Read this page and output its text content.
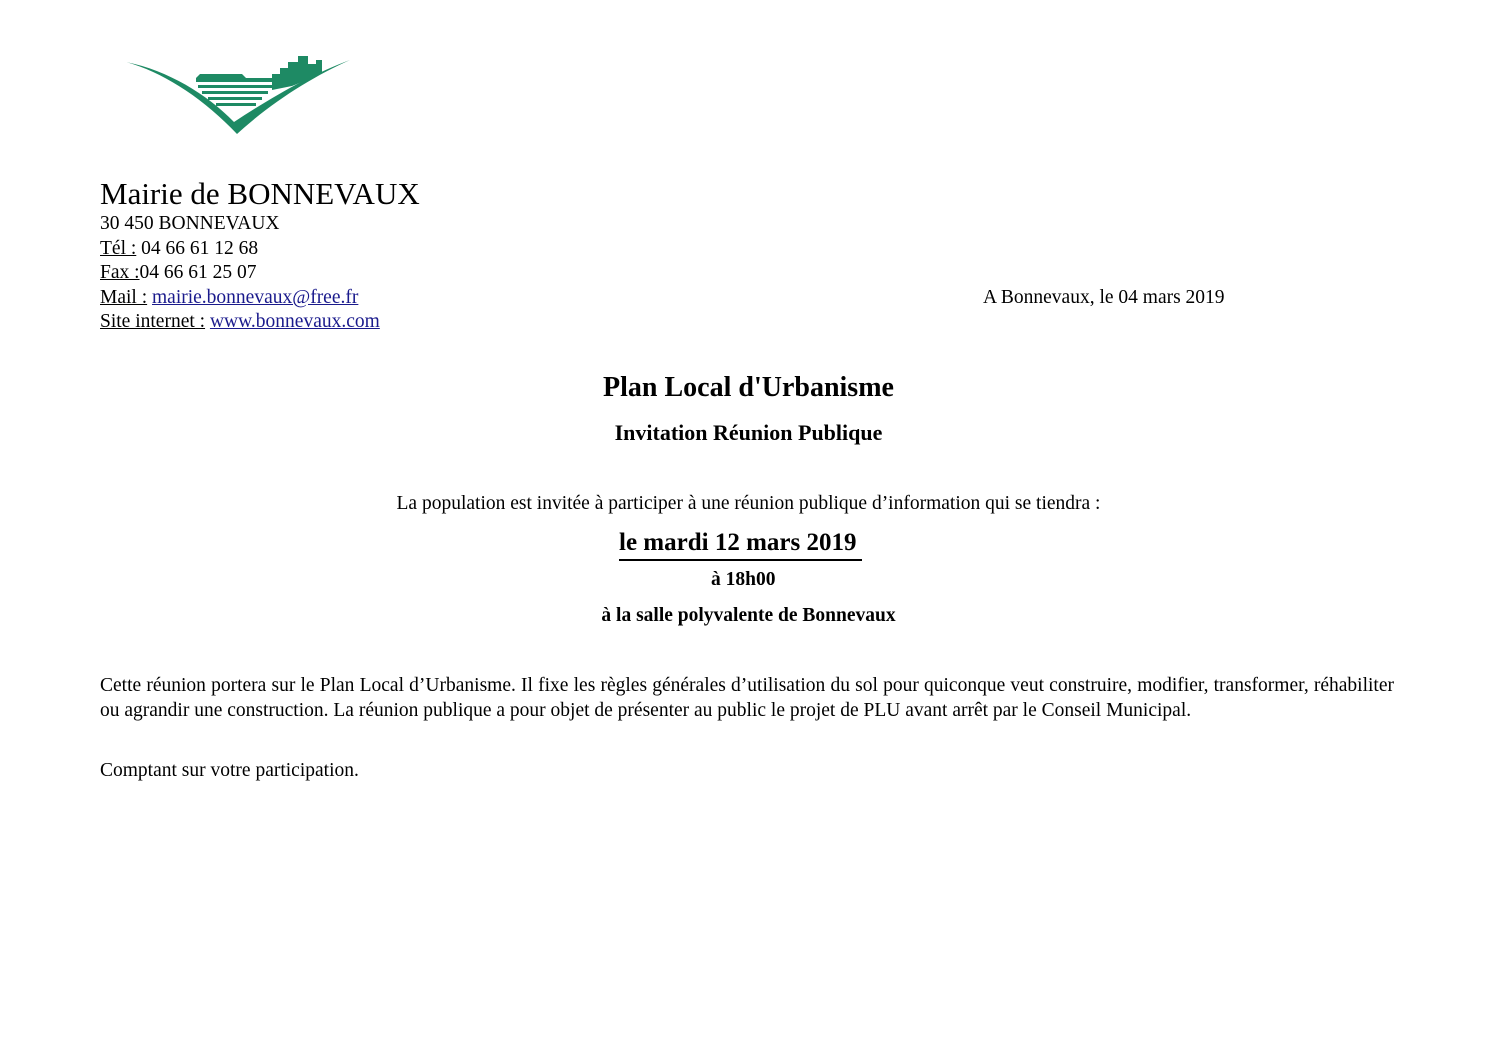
Mairie de BONNEVAUX
30 450 BONNEVAUX
Tél : 04 66 61 12 68
Fax :04 66 61 25 07
Mail : mairie.bonnevaux@free.fr
Site internet : www.bonnevaux.com
A Bonnevaux, le 04 mars 2019
Plan Local d'Urbanisme
Invitation Réunion Publique
La population est invitée à participer à une réunion publique d’information qui se tiendra :
le mardi 12 mars 2019
à 18h00
à la salle polyvalente de Bonnevaux

Cette réunion portera sur le Plan Local d’Urbanisme. Il fixe les règles générales d’utilisation du sol pour quiconque veut construire, modifier, transformer, réhabiliter ou agrandir une construction. La réunion publique a pour objet de présenter au public le projet de PLU avant arrêt par le Conseil Municipal.

Comptant sur votre participation.
